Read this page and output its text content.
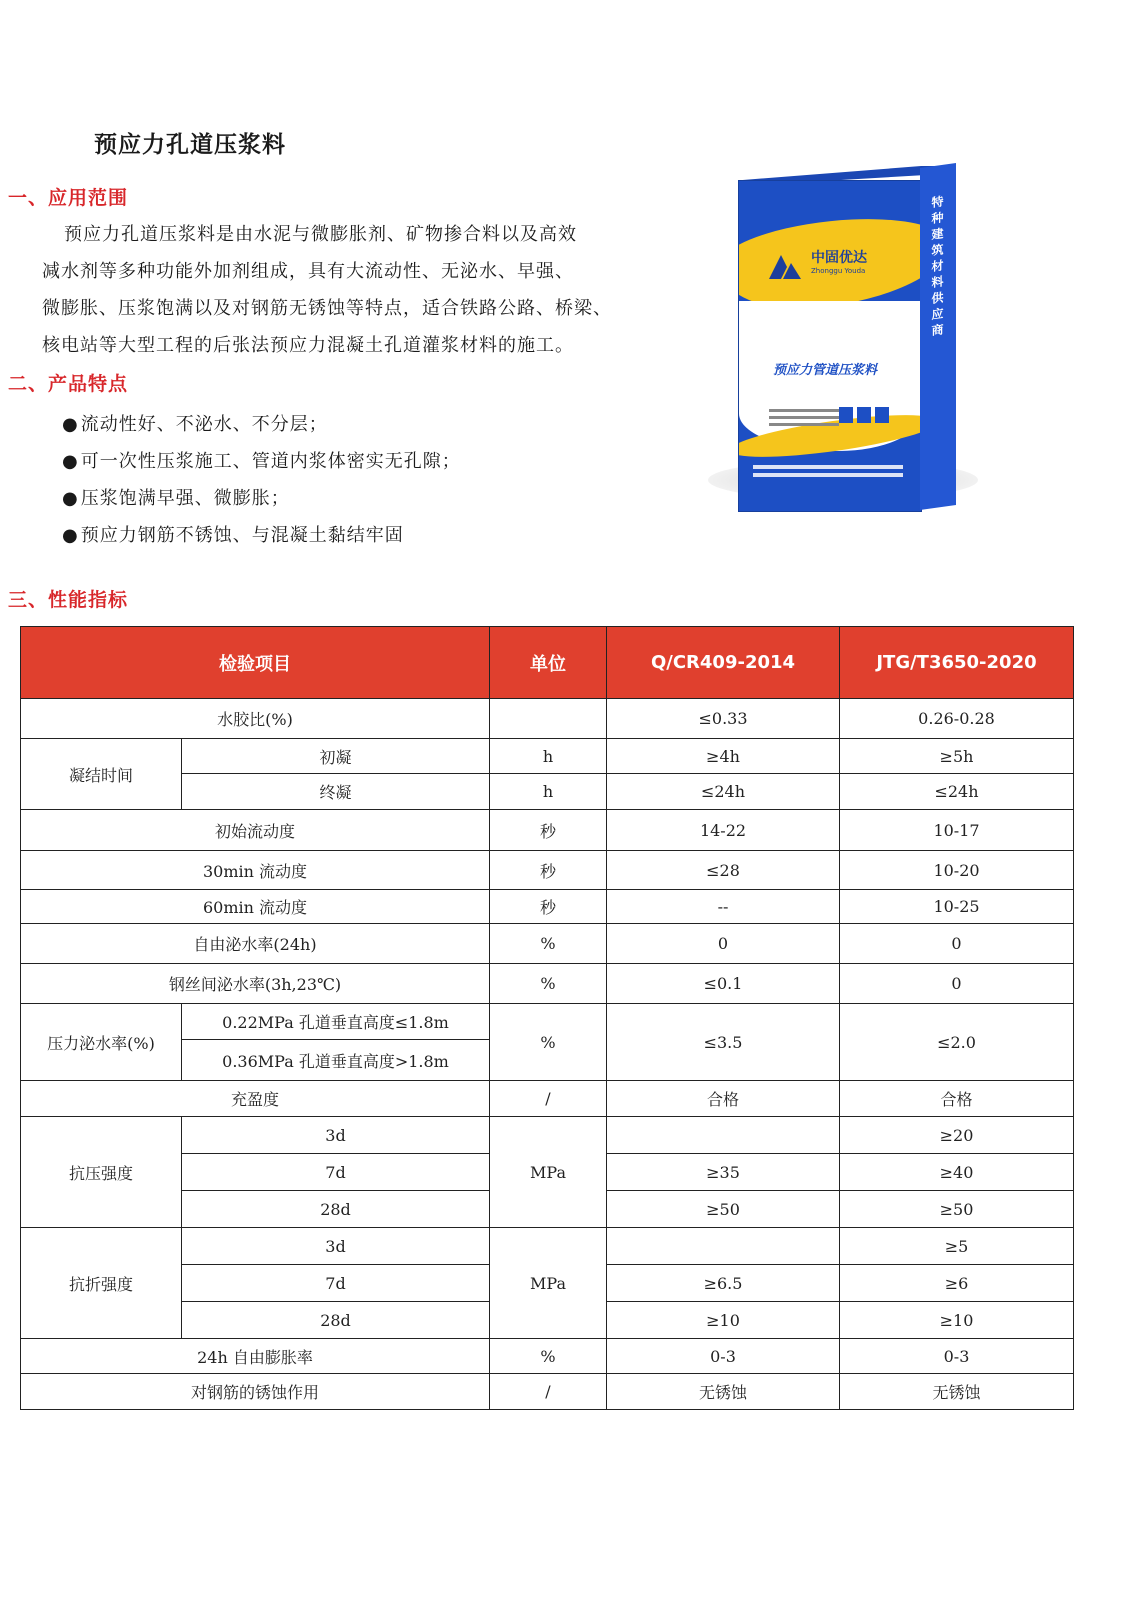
预应力孔道压浆料
一、应用范围
预应力孔道压浆料是由水泥与微膨胀剂、矿物掺合料以及高效
减水剂等多种功能外加剂组成，具有大流动性、无泌水、早强、
微膨胀、压浆饱满以及对钢筋无锈蚀等特点，适合铁路公路、桥梁、
核电站等大型工程的后张法预应力混凝土孔道灌浆材料的施工。
二、产品特点
● 流动性好、不泌水、不分层；
● 可一次性压浆施工、管道内浆体密实无孔隙；
● 压浆饱满早强、微膨胀；
● 预应力钢筋不锈蚀、与混凝土黏结牢固
中固优达
Zhonggu Youda
预应力管道压浆料
特种建筑材料供应商
三、性能指标
检验项目		单位	Q/CR409-2014	JTG/T3650-2020
水胶比(%)			≤0.33	0.26-0.28
凝结时间	初凝	h	≥4h	≥5h
	终凝	h	≤24h	≤24h
初始流动度		秒	14-22	10-17
30min 流动度		秒	≤28	10-20
60min 流动度		秒	--	10-25
自由泌水率(24h)		%	0	0
钢丝间泌水率(3h,23℃)		%	≤0.1	0
压力泌水率(%)	0.22MPa 孔道垂直高度≤1.8m	%	≤3.5	≤2.0
	0.36MPa 孔道垂直高度>1.8m			
充盈度		/	合格	合格
抗压强度	3d	MPa		≥20
	7d		≥35	≥40
	28d		≥50	≥50
抗折强度	3d	MPa		≥5
	7d		≥6.5	≥6
	28d		≥10	≥10
24h 自由膨胀率		%	0-3	0-3
对钢筋的锈蚀作用		/	无锈蚀	无锈蚀
